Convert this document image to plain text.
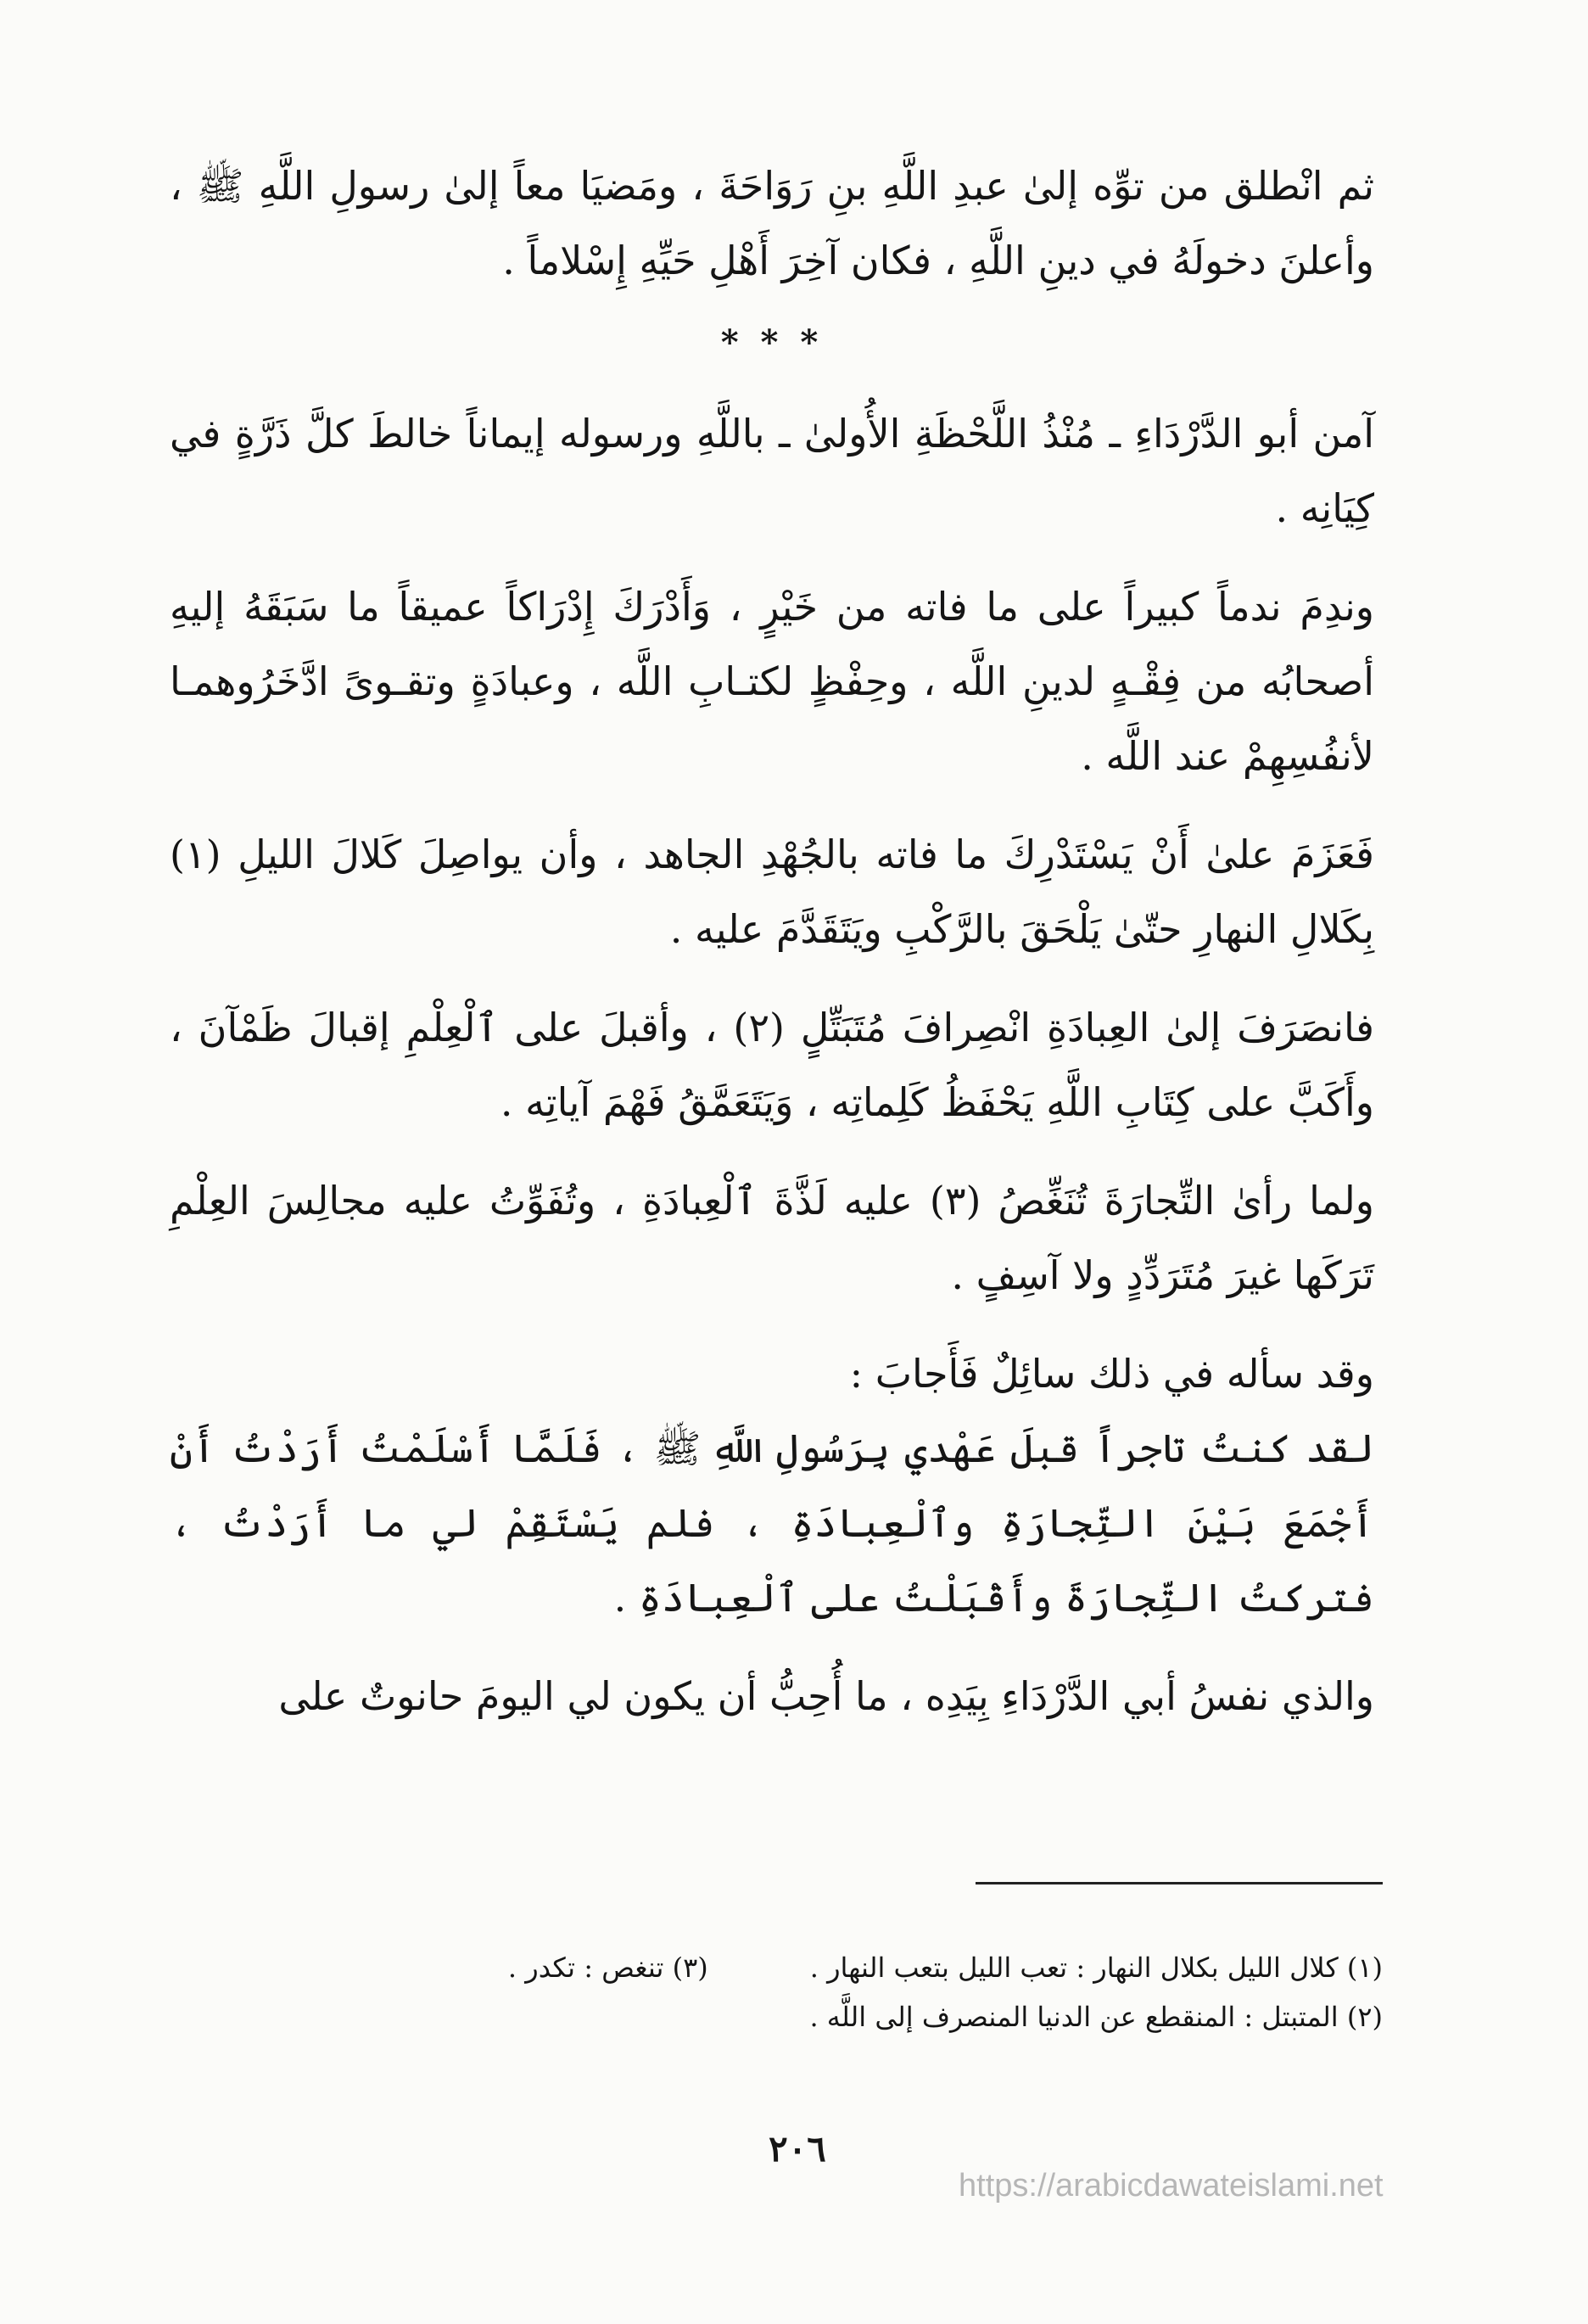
ثم انْطلق من توِّه إلىٰ عبدِ اللَّهِ بنِ رَوَاحَةَ ، ومَضيَا معاً إلىٰ رسولِ اللَّهِ ﷺ ، وأعلنَ دخولَهُ في دينِ اللَّهِ ، فكان آخِرَ أَهْلِ حَيِّهِ إِسْلاماً .

* * *

آمن أبو الدَّرْدَاءِ ـ مُنْذُ اللَّحْظَةِ الأُولىٰ ـ باللَّهِ ورسوله إيماناً خالطَ كلَّ ذَرَّةٍ في كِيَانِه .

وندِمَ ندماً كبيراً على ما فاته من خَيْرٍ ، وَأَدْرَكَ إِدْرَاكاً عميقاً ما سَبَقَهُ إليهِ أصحابُه من فِقْـهٍ لدينِ اللَّه ، وحِفْظٍ لكتـابِ اللَّه ، وعبادَةٍ وتقـوىً ادَّخَرُوهمـا لأنفُسِهِمْ عند اللَّه .

فَعَزَمَ علىٰ أَنْ يَسْتَدْرِكَ ما فاته بالجُهْدِ الجاهد ، وأن يواصِلَ كَلالَ الليلِ (١) بِكَلالِ النهارِ حتّىٰ يَلْحَقَ بالرَّكْبِ ويَتَقَدَّمَ عليه .

فانصَرَفَ إلىٰ العِبادَةِ انْصِرافَ مُتَبَتِّلٍ (٢) ، وأقبلَ على ٱلْعِلْمِ إقبالَ ظَمْآنَ ، وأَكَبَّ على كِتَابِ اللَّهِ يَحْفَظُ كَلِماتِه ، وَيَتَعَمَّقُ فَهْمَ آياتِه .

ولما رأىٰ التِّجارَةَ تُنَغِّصُ (٣) عليه لَذَّةَ ٱلْعِبادَةِ ، وتُفَوِّتُ عليه مجالِسَ العِلْمِ تَرَكَها غيرَ مُتَرَدِّدٍ ولا آسِفٍ .

وقد سأله في ذلك سائِلٌ فَأَجابَ :

لقد كنتُ تاجراً قبلَ عَهْدي بِرَسُولِ اللَّهِ ﷺ ، فَلَمَّا أَسْلَمْتُ أَرَدْتُ أَنْ أَجْمَعَ بَيْنَ التِّجارَةِ وٱلْعِبادَةِ ، فلم يَسْتَقِمْ لي ما أَرَدْتُ ، فتركتُ التِّجارَةَ وأَقْبَلْتُ على ٱلْعِبادَةِ .

والذي نفسُ أبي الدَّرْدَاءِ بِيَدِه ، ما أُحِبُّ أن يكون لي اليومَ حانوتٌ على

(١) كلال الليل بكلال النهار : تعب الليل بتعب النهار .
(٣) تنغص : تكدر .
(٢) المتبتل : المنقطع عن الدنيا المنصرف إلى اللَّه .
٢٠٦
https://arabicdawateislami.net
